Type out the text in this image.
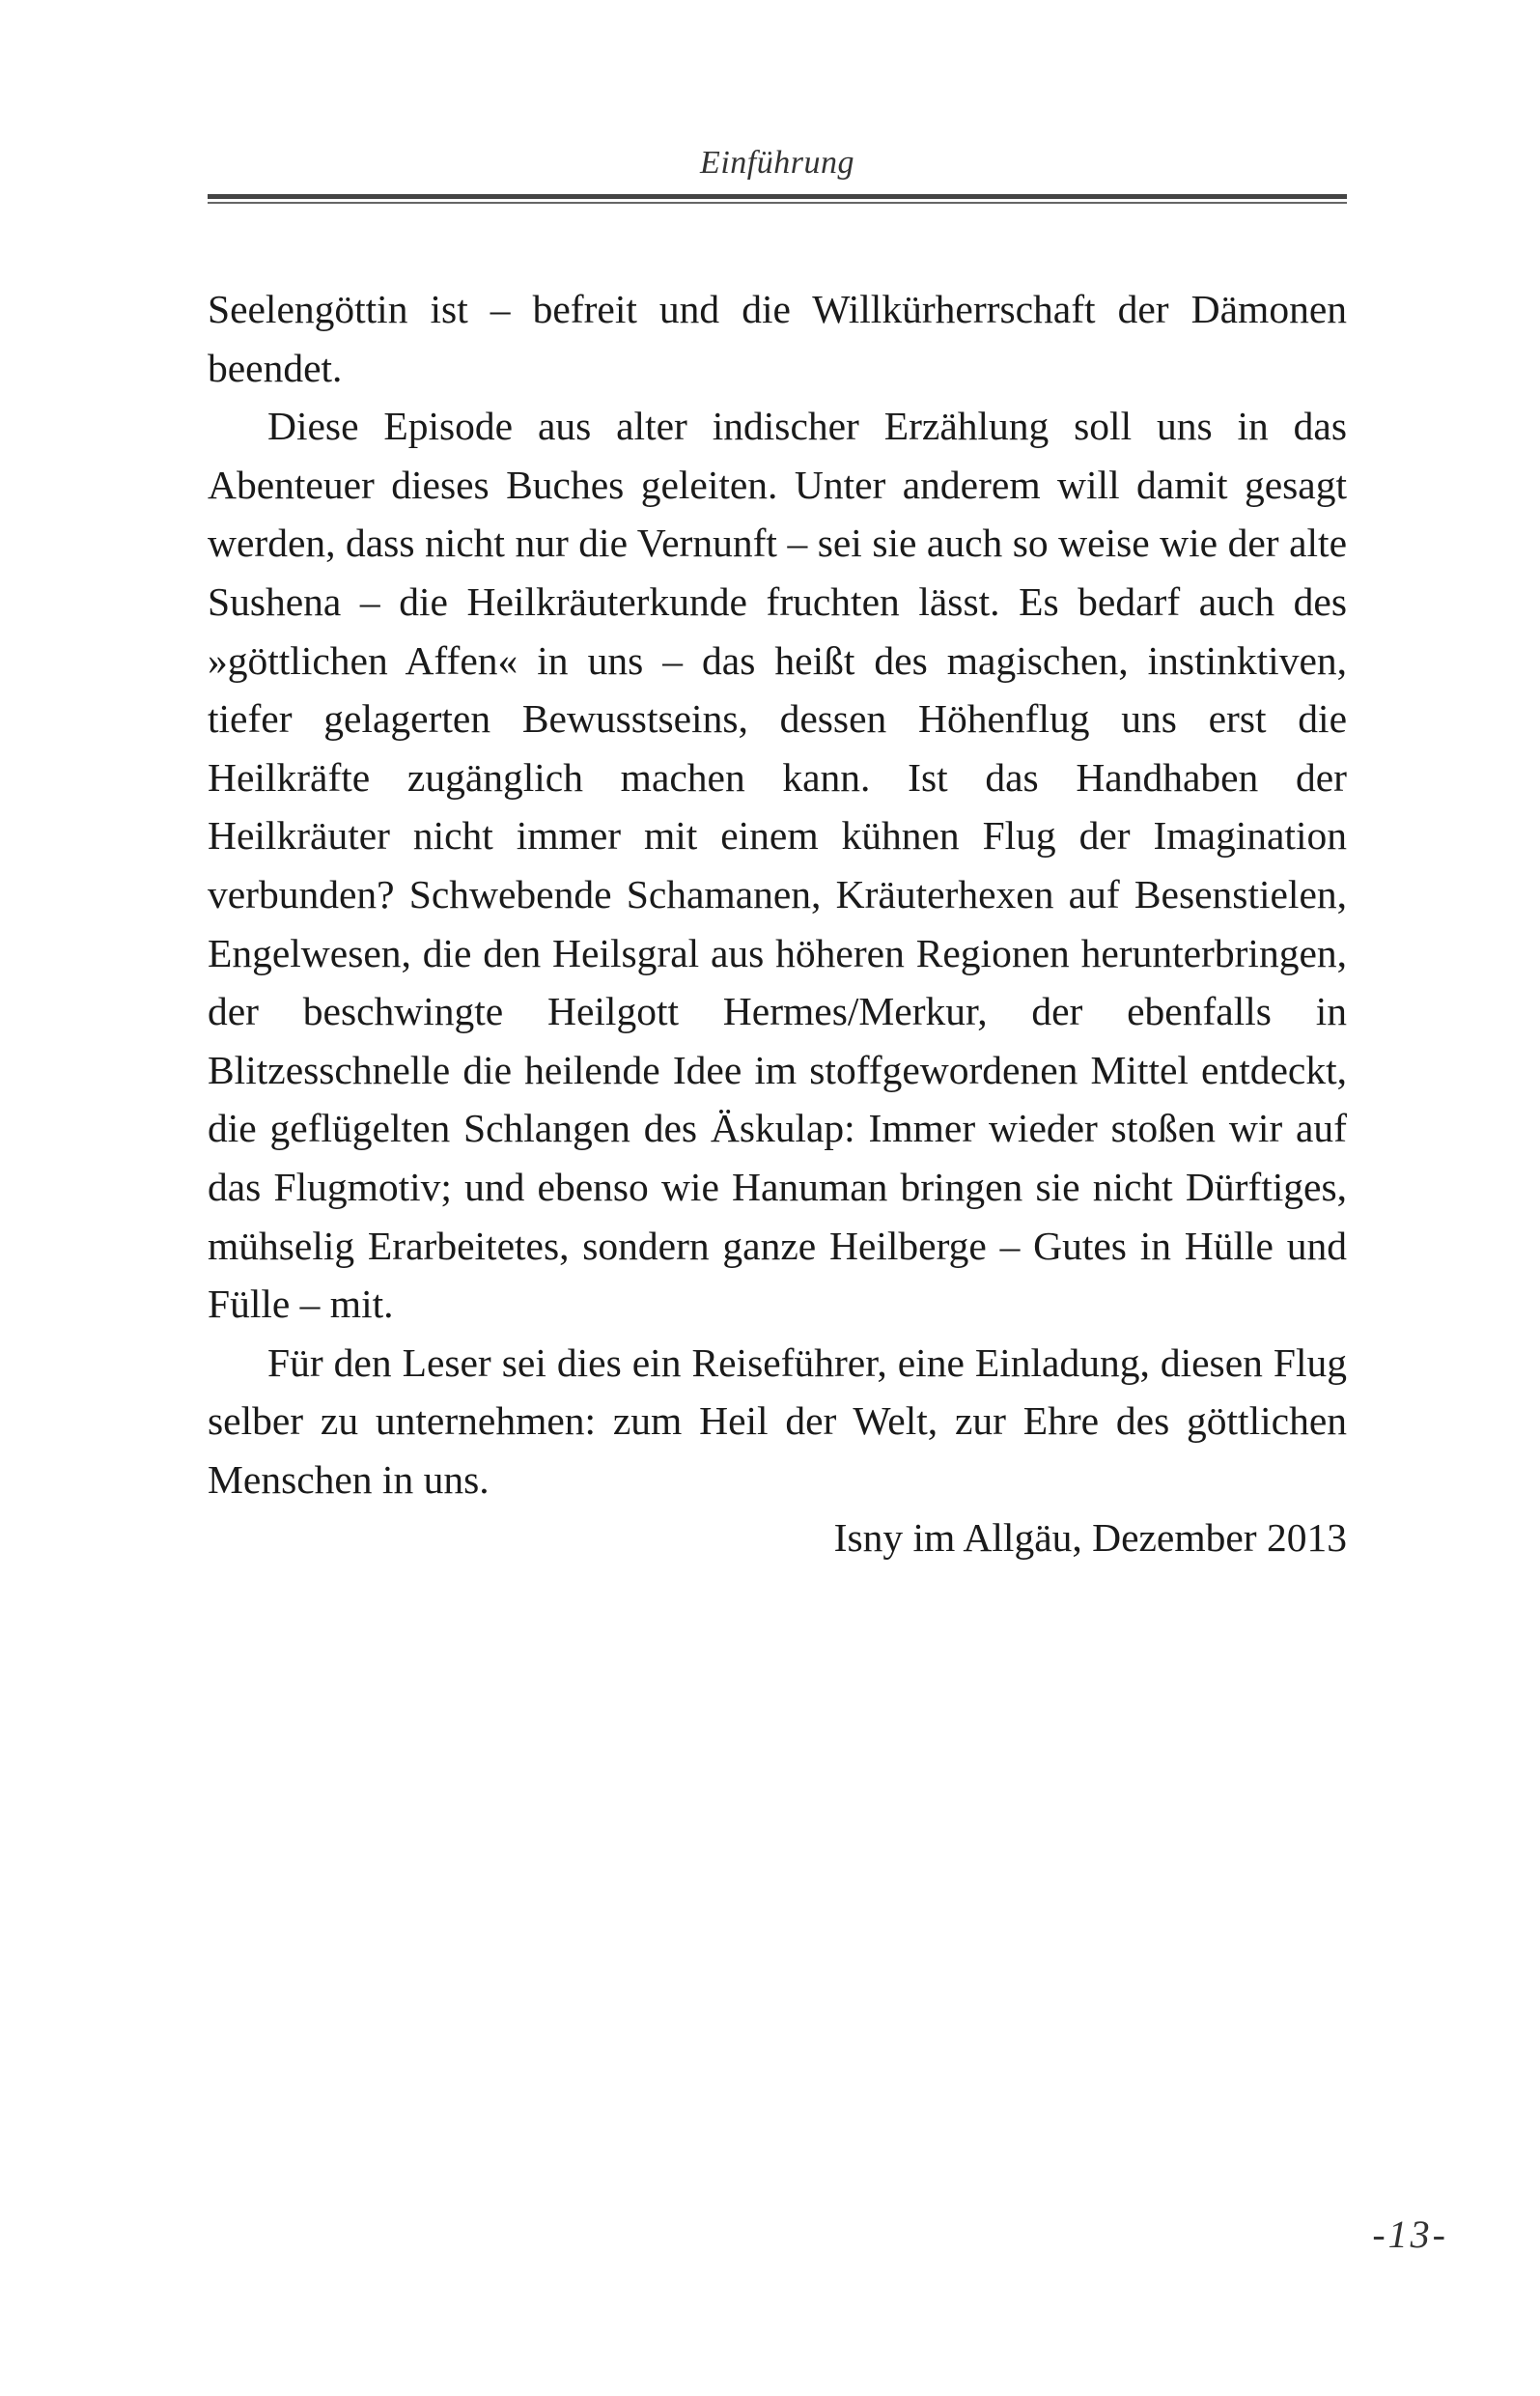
Einführung

Seelengöttin ist – befreit und die Willkürherrschaft der Dämonen beendet.

Diese Episode aus alter indischer Erzählung soll uns in das Abenteuer dieses Buches geleiten. Unter anderem will damit gesagt werden, dass nicht nur die Vernunft – sei sie auch so weise wie der alte Sushena – die Heilkräuterkunde fruchten lässt. Es bedarf auch des »göttlichen Affen« in uns – das heißt des magischen, instinktiven, tiefer gelagerten Bewusstseins, dessen Höhenflug uns erst die Heilkräfte zugänglich machen kann. Ist das Handhaben der Heilkräuter nicht immer mit einem kühnen Flug der Imagination verbunden? Schwebende Schamanen, Kräuterhexen auf Besenstielen, Engelwesen, die den Heilsgral aus höheren Regionen herunterbringen, der beschwingte Heilgott Hermes/Merkur, der ebenfalls in Blitzesschnelle die heilende Idee im stoffgewordenen Mittel entdeckt, die geflügelten Schlangen des Äskulap: Immer wieder stoßen wir auf das Flugmotiv; und ebenso wie Hanuman bringen sie nicht Dürftiges, mühselig Erarbeitetes, sondern ganze Heilberge – Gutes in Hülle und Fülle – mit.

Für den Leser sei dies ein Reiseführer, eine Einladung, diesen Flug selber zu unternehmen: zum Heil der Welt, zur Ehre des göttlichen Menschen in uns.

Isny im Allgäu, Dezember 2013

-13-
